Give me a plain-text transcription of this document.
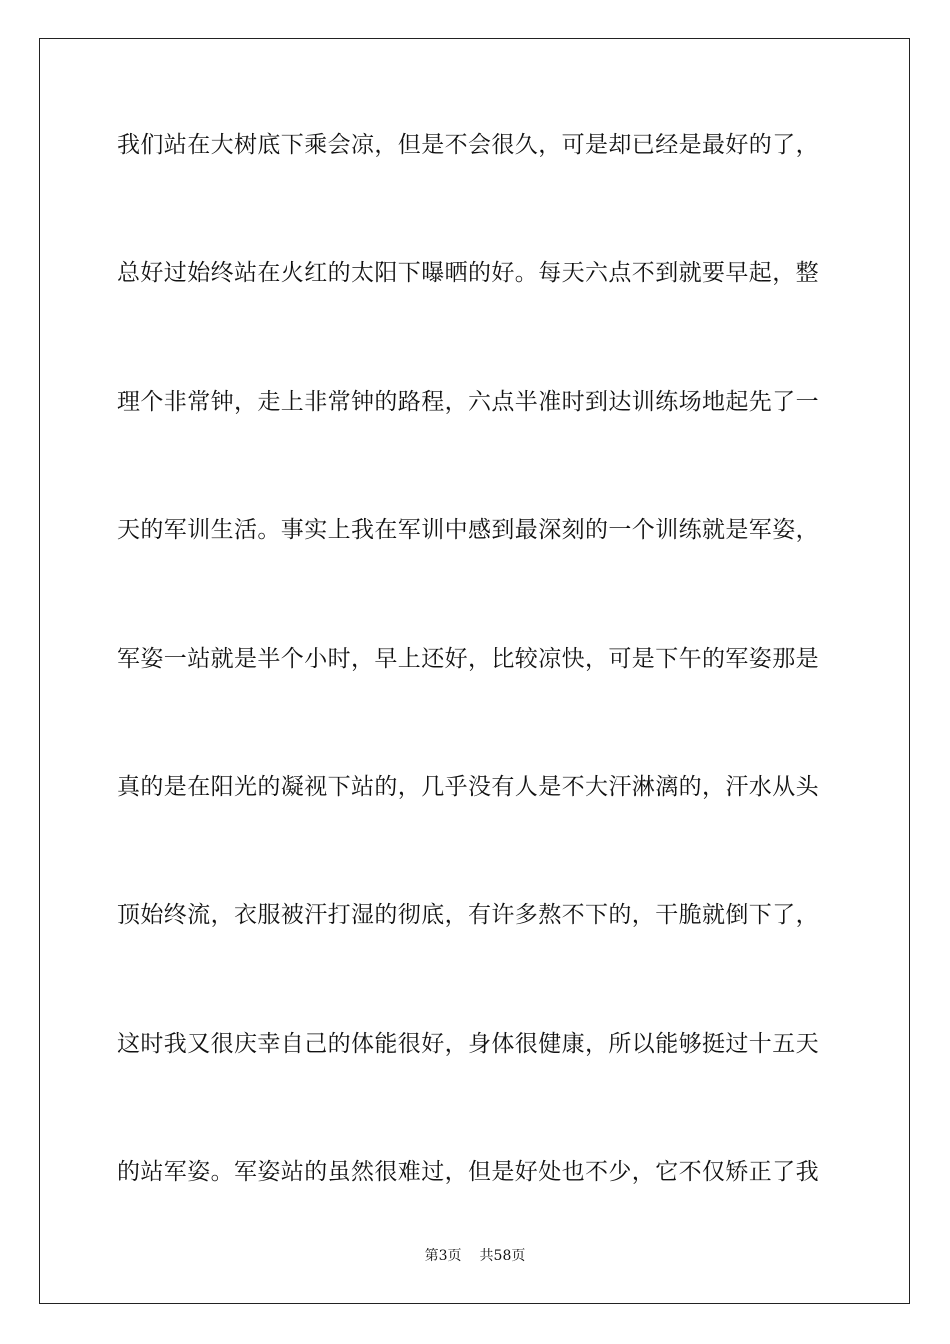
我们站在大树底下乘会凉，但是不会很久，可是却已经是最好的了，
总好过始终站在火红的太阳下曝晒的好。每天六点不到就要早起，整
理个非常钟，走上非常钟的路程，六点半准时到达训练场地起先了一
天的军训生活。事实上我在军训中感到最深刻的一个训练就是军姿，
军姿一站就是半个小时，早上还好，比较凉快，可是下午的军姿那是
真的是在阳光的凝视下站的，几乎没有人是不大汗淋漓的，汗水从头
顶始终流，衣服被汗打湿的彻底，有许多熬不下的，干脆就倒下了，
这时我又很庆幸自己的体能很好，身体很健康，所以能够挺过十五天
的站军姿。军姿站的虽然很难过，但是好处也不少，它不仅矫正了我
第3页 共58页
